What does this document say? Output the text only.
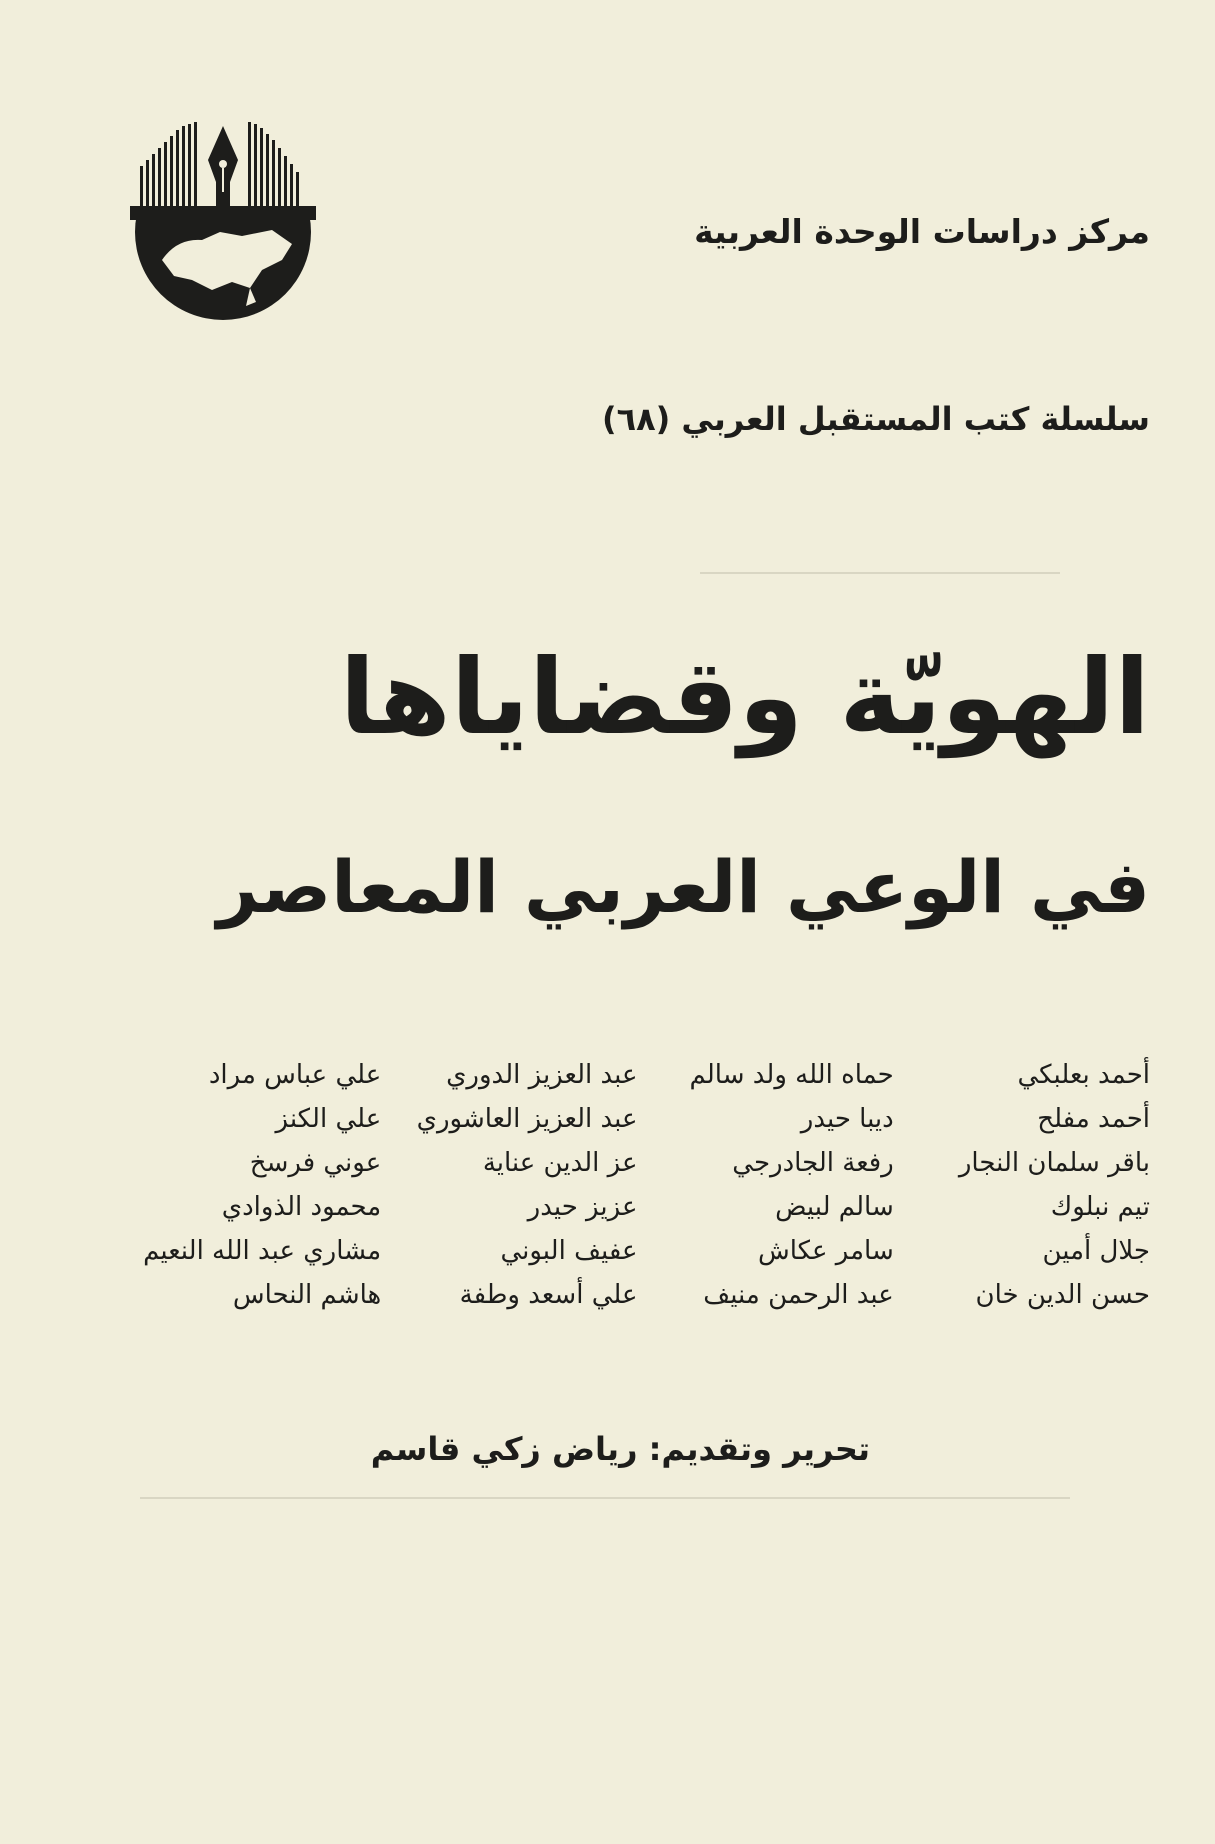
مركز دراسات الوحدة العربية
سلسلة كتب المستقبل العربي (٦٨)
الهويّة وقضاياها
في الوعي العربي المعاصر
أحمد بعلبكي
حماه الله ولد سالم
عبد العزيز الدوري
علي عباس مراد
أحمد مفلح
ديبا حيدر
عبد العزيز العاشوري
علي الكنز
باقر سلمان النجار
رفعة الجادرجي
عز الدين عناية
عوني فرسخ
تيم نبلوك
سالم لبيض
عزيز حيدر
محمود الذوادي
جلال أمين
سامر عكاش
عفيف البوني
مشاري عبد الله النعيم
حسن الدين خان
عبد الرحمن منيف
علي أسعد وطفة
هاشم النحاس
تحرير وتقديم: رياض زكي قاسم
